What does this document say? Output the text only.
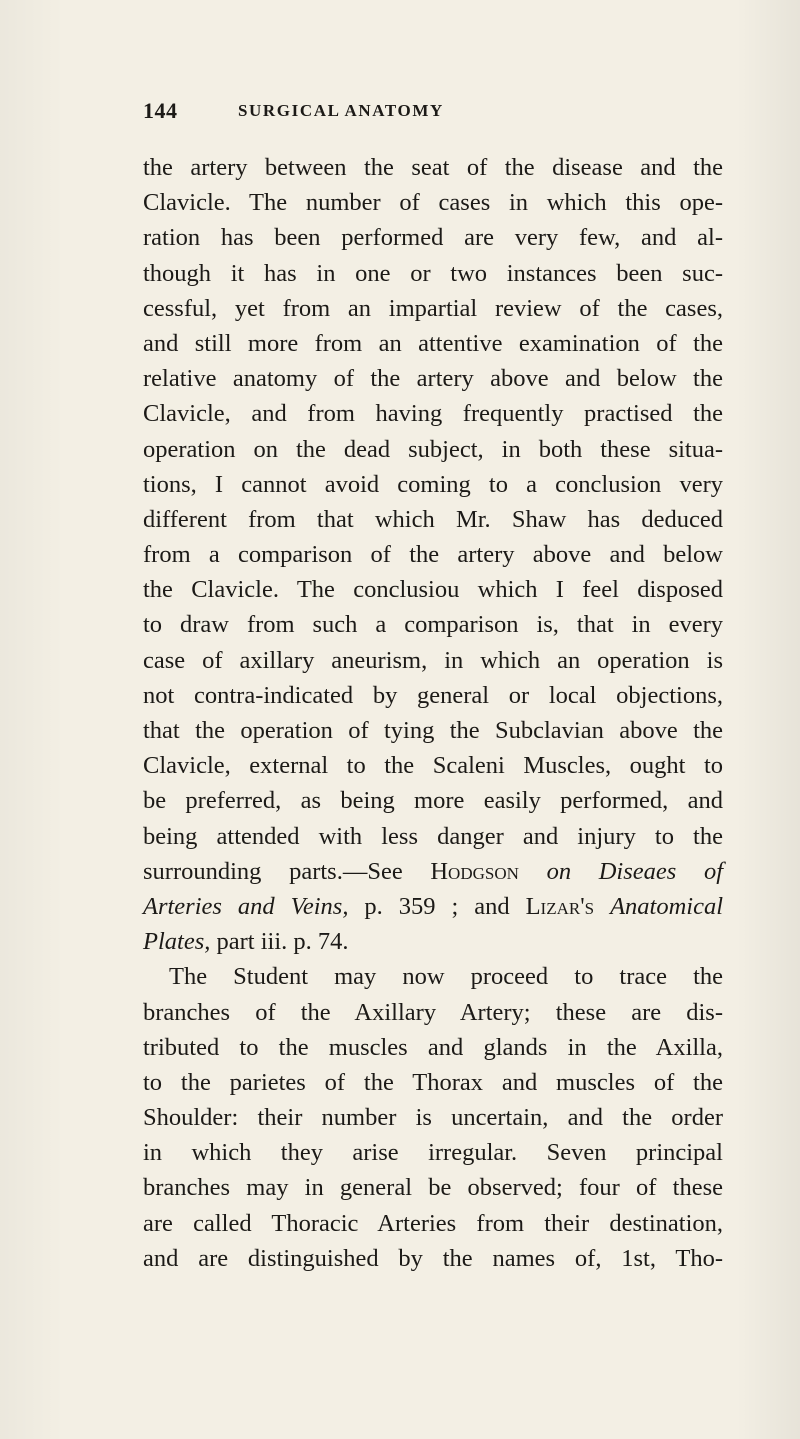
144	SURGICAL ANATOMY
the artery between the seat of the disease and the
Clavicle. The number of cases in which this ope-
ration has been performed are very few, and al-
though it has in one or two instances been suc-
cessful, yet from an impartial review of the cases,
and still more from an attentive examination of the
relative anatomy of the artery above and below the
Clavicle, and from having frequently practised the
operation on the dead subject, in both these situa-
tions, I cannot avoid coming to a conclusion very
different from that which Mr. Shaw has deduced
from a comparison of the artery above and below
the Clavicle. The conclusiou which I feel disposed
to draw from such a comparison is, that in every
case of axillary aneurism, in which an operation is
not contra-indicated by general or local objections,
that the operation of tying the Subclavian above the
Clavicle, external to the Scaleni Muscles, ought to
be preferred, as being more easily performed, and
being attended with less danger and injury to the
surrounding parts.—See Hodgson on Diseaes of
Arteries and Veins, p. 359 ; and Lizar's Anatomical
Plates, part iii. p. 74.
The Student may now proceed to trace the
branches of the Axillary Artery; these are dis-
tributed to the muscles and glands in the Axilla,
to the parietes of the Thorax and muscles of the
Shoulder: their number is uncertain, and the order
in which they arise irregular. Seven principal
branches may in general be observed; four of these
are called Thoracic Arteries from their destination,
and are distinguished by the names of, 1st, Tho-
